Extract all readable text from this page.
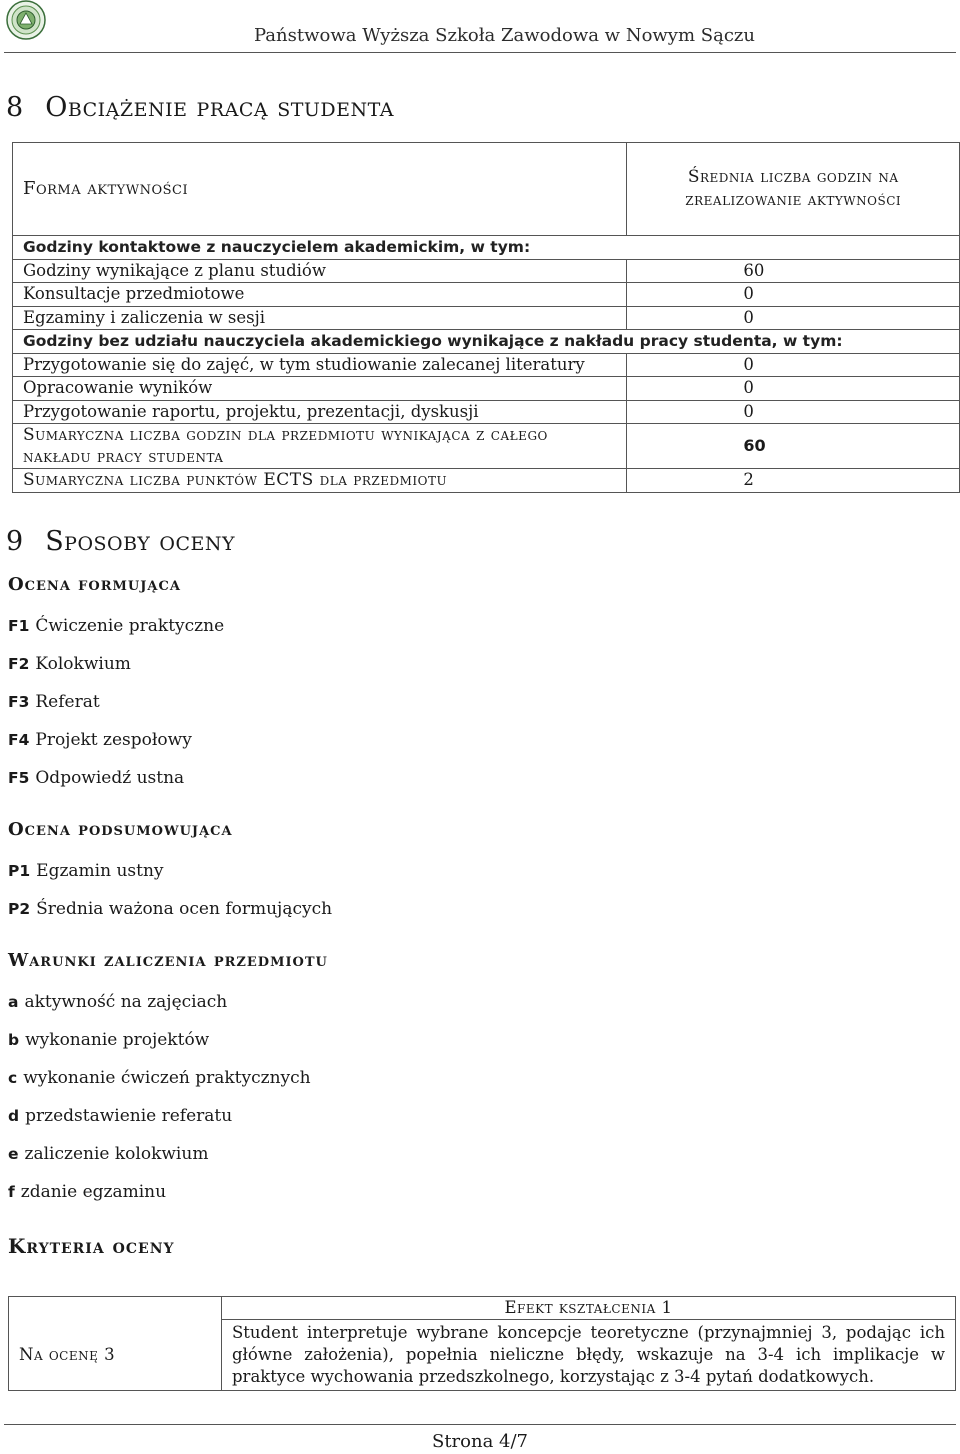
Państwowa Wyższa Szkoła Zawodowa w Nowym Sączu
8 Obciążenie pracą studenta
Forma aktywności	Średnia liczba godzin na zrealizowanie aktywności
Godziny kontaktowe z nauczycielem akademickim, w tym:	
Godziny wynikające z planu studiów	60
Konsultacje przedmiotowe	0
Egzaminy i zaliczenia w sesji	0
Godziny bez udziału nauczyciela akademickiego wynikające z nakładu pracy studenta, w tym:	
Przygotowanie się do zajęć, w tym studiowanie zalecanej literatury	0
Opracowanie wyników	0
Przygotowanie raportu, projektu, prezentacji, dyskusji	0
Sumaryczna liczba godzin dla przedmiotu wynikająca z całego nakładu pracy studenta	60
Sumaryczna liczba punktów ECTS dla przedmiotu	2
9 Sposoby oceny
Ocena formująca
F1 Ćwiczenie praktyczne
F2 Kolokwium
F3 Referat
F4 Projekt zespołowy
F5 Odpowiedź ustna
Ocena podsumowująca
P1 Egzamin ustny
P2 Średnia ważona ocen formujących
Warunki zaliczenia przedmiotu
a aktywność na zajęciach
b wykonanie projektów
c wykonanie ćwiczeń praktycznych
d przedstawienie referatu
e zaliczenie kolokwium
f zdanie egzaminu
Kryteria oceny
	Efekt kształcenia 1
Na ocenę 3	Student interpretuje wybrane koncepcje teoretyczne (przynajmniej 3, podając ich główne założenia), popełnia nieliczne błędy, wskazuje na 3-4 ich implikacje w praktyce wychowania przedszkolnego, korzystając z 3-4 pytań dodatkowych.
Strona 4/7
